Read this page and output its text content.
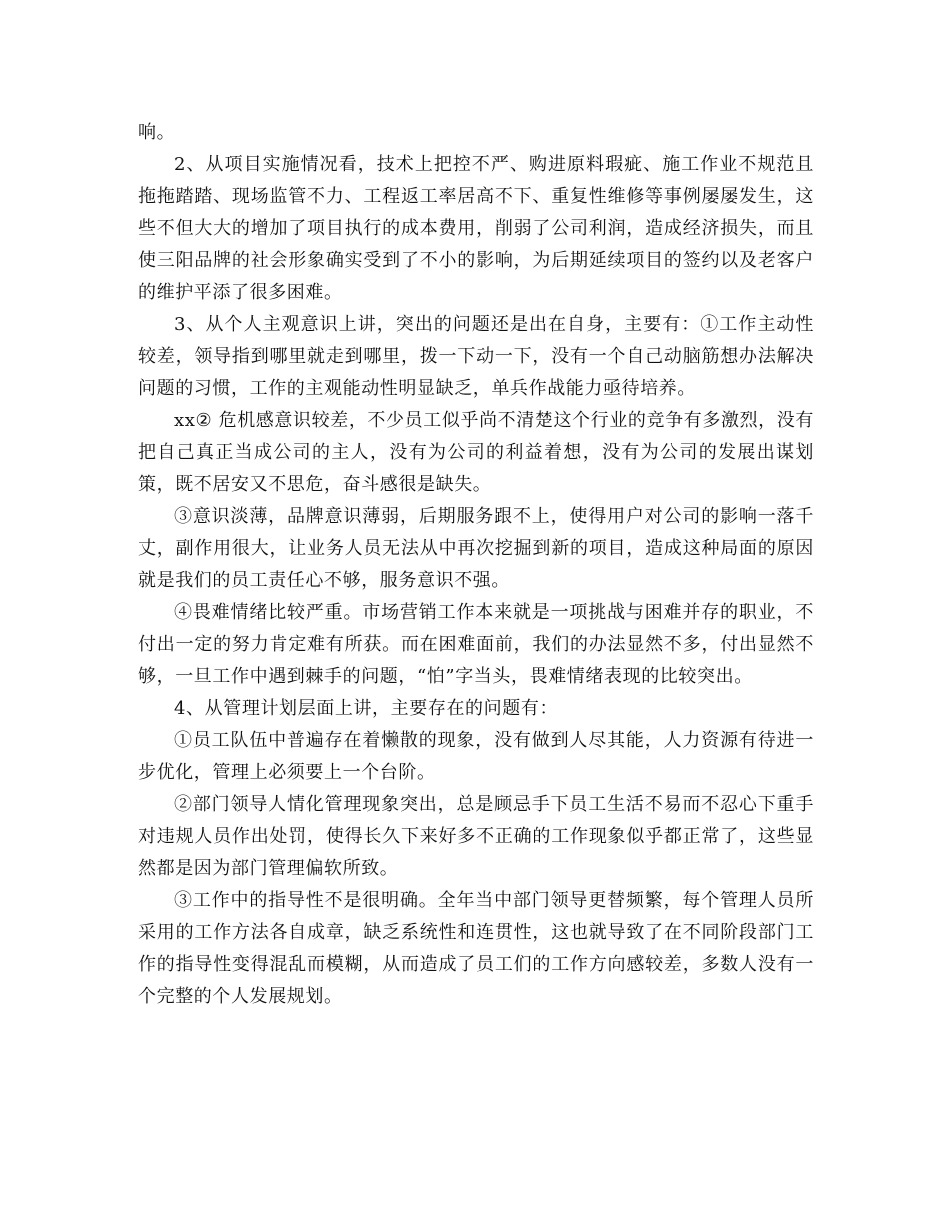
响。

2、从项目实施情况看，技术上把控不严、购进原料瑕疵、施工作业不规范且拖拖踏踏、现场监管不力、工程返工率居高不下、重复性维修等事例屡屡发生，这些不但大大的增加了项目执行的成本费用，削弱了公司利润，造成经济损失，而且使三阳品牌的社会形象确实受到了不小的影响，为后期延续项目的签约以及老客户的维护平添了很多困难。

3、从个人主观意识上讲，突出的问题还是出在自身，主要有：①工作主动性较差，领导指到哪里就走到哪里，拨一下动一下，没有一个自己动脑筋想办法解决问题的习惯，工作的主观能动性明显缺乏，单兵作战能力亟待培养。

xx② 危机感意识较差，不少员工似乎尚不清楚这个行业的竞争有多激烈，没有把自己真正当成公司的主人，没有为公司的利益着想，没有为公司的发展出谋划策，既不居安又不思危，奋斗感很是缺失。

③意识淡薄，品牌意识薄弱，后期服务跟不上，使得用户对公司的影响一落千丈，副作用很大，让业务人员无法从中再次挖掘到新的项目，造成这种局面的原因就是我们的员工责任心不够，服务意识不强。

④畏难情绪比较严重。市场营销工作本来就是一项挑战与困难并存的职业，不付出一定的努力肯定难有所获。而在困难面前，我们的办法显然不多，付出显然不够，一旦工作中遇到棘手的问题，“怕”字当头，畏难情绪表现的比较突出。

4、从管理计划层面上讲，主要存在的问题有：

①员工队伍中普遍存在着懒散的现象，没有做到人尽其能，人力资源有待进一步优化，管理上必须要上一个台阶。

②部门领导人情化管理现象突出，总是顾忌手下员工生活不易而不忍心下重手对违规人员作出处罚，使得长久下来好多不正确的工作现象似乎都正常了，这些显然都是因为部门管理偏软所致。

③工作中的指导性不是很明确。全年当中部门领导更替频繁，每个管理人员所采用的工作方法各自成章，缺乏系统性和连贯性，这也就导致了在不同阶段部门工作的指导性变得混乱而模糊，从而造成了员工们的工作方向感较差，多数人没有一个完整的个人发展规划。
